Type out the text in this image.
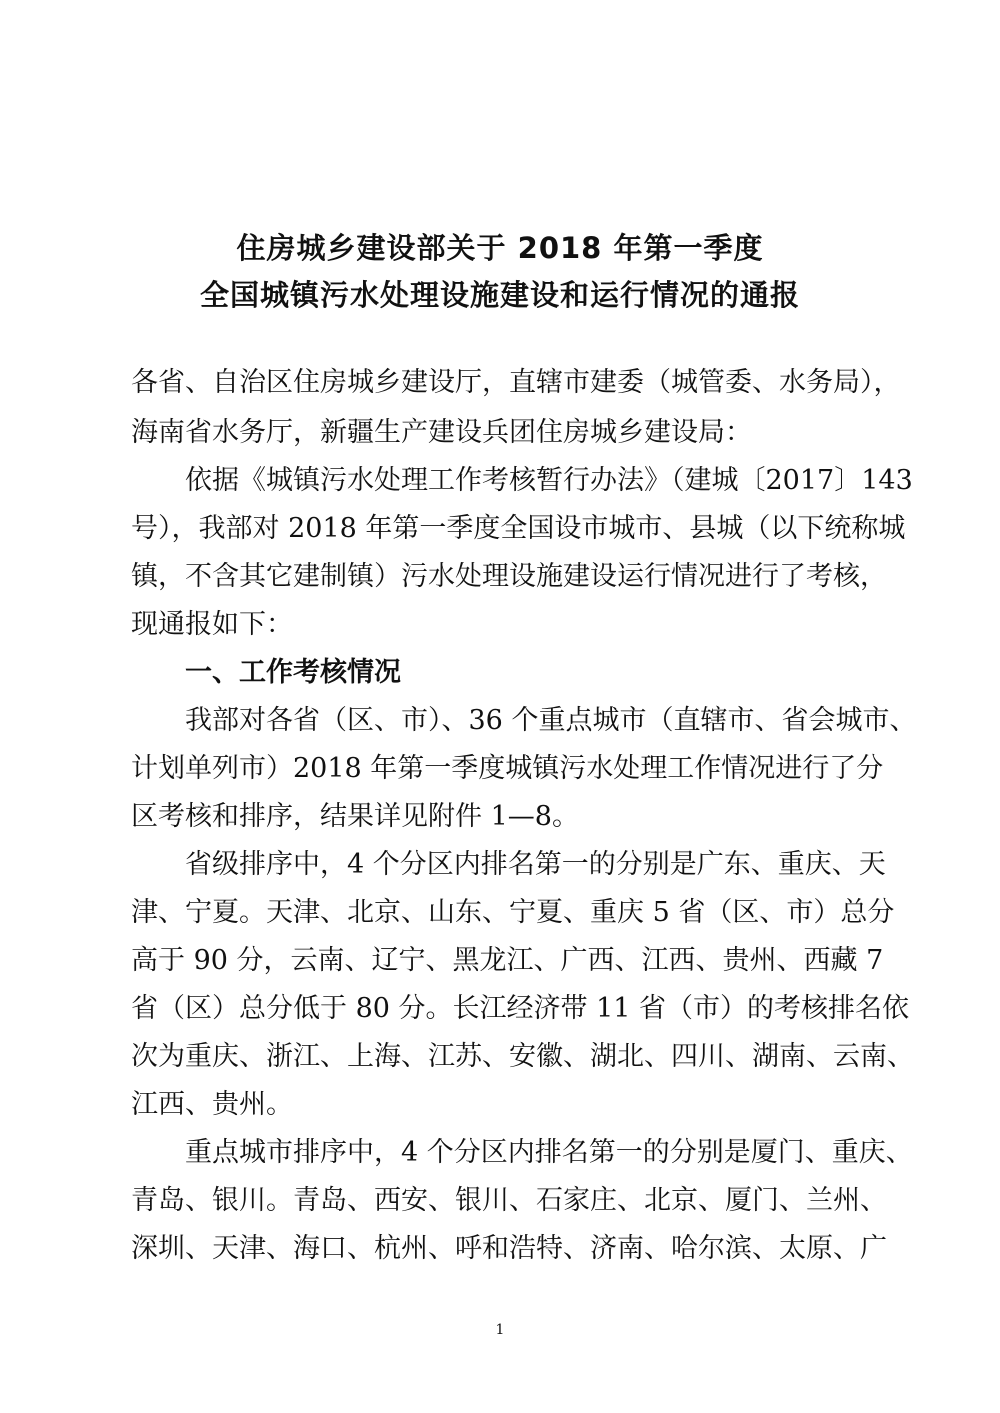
住房城乡建设部关于 2018 年第一季度
全国城镇污水处理设施建设和运行情况的通报
各省、自治区住房城乡建设厅，直辖市建委（城管委、水务局），
海南省水务厅，新疆生产建设兵团住房城乡建设局：
依据《城镇污水处理工作考核暂行办法》（建城〔2017〕143
号），我部对 2018 年第一季度全国设市城市、县城（以下统称城
镇，不含其它建制镇）污水处理设施建设运行情况进行了考核，
现通报如下：
一、工作考核情况
我部对各省（区、市）、36 个重点城市（直辖市、省会城市、
计划单列市）2018 年第一季度城镇污水处理工作情况进行了分
区考核和排序，结果详见附件 1—8。
省级排序中，4 个分区内排名第一的分别是广东、重庆、天
津、宁夏。天津、北京、山东、宁夏、重庆 5 省（区、市）总分
高于 90 分，云南、辽宁、黑龙江、广西、江西、贵州、西藏 7
省（区）总分低于 80 分。长江经济带 11 省（市）的考核排名依
次为重庆、浙江、上海、江苏、安徽、湖北、四川、湖南、云南、
江西、贵州。
重点城市排序中，4 个分区内排名第一的分别是厦门、重庆、
青岛、银川。青岛、西安、银川、石家庄、北京、厦门、兰州、
深圳、天津、海口、杭州、呼和浩特、济南、哈尔滨、太原、广
1
